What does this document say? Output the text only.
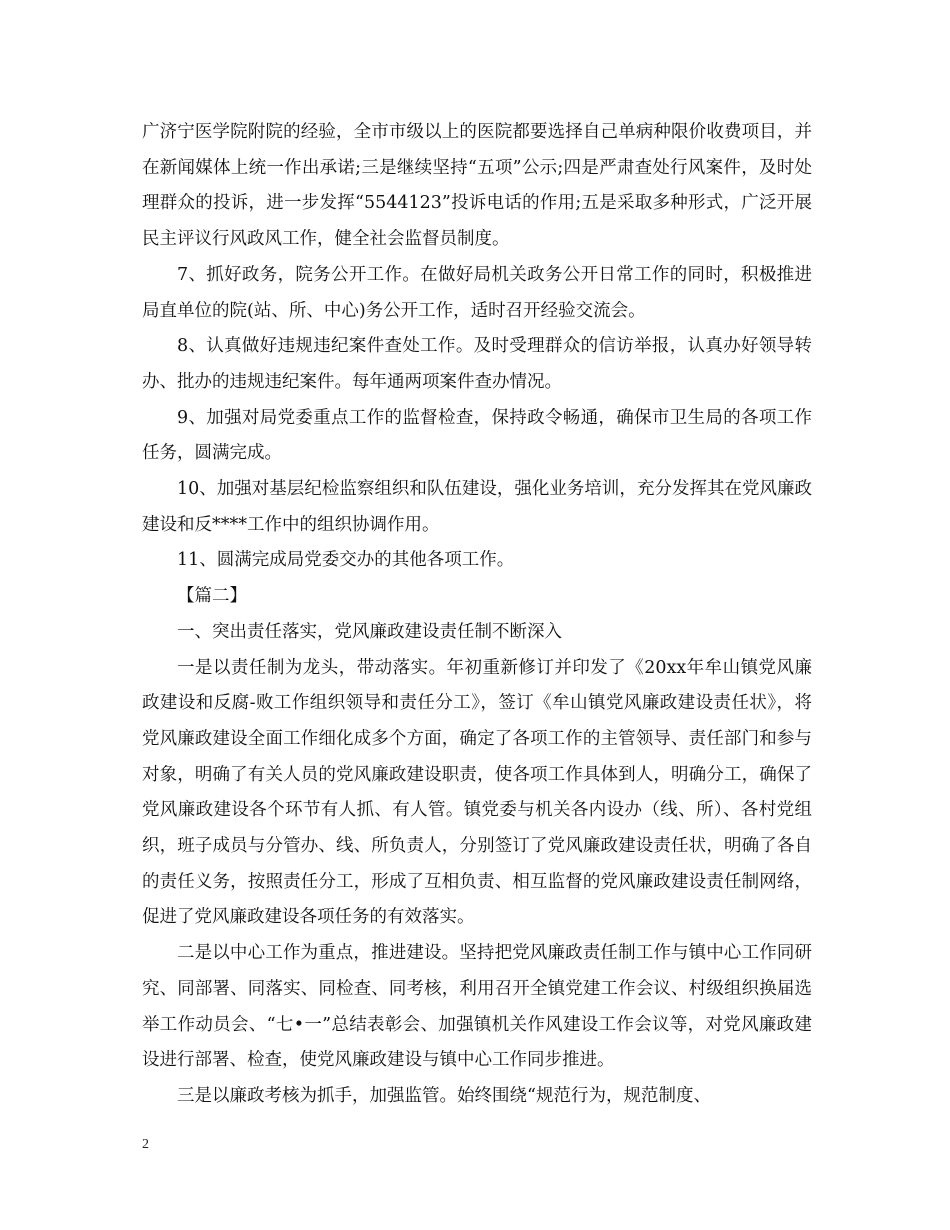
广济宁医学院附院的经验，全市市级以上的医院都要选择自己单病种限价收费项目，并在新闻媒体上统一作出承诺;三是继续坚持“五项”公示;四是严肃查处行风案件，及时处理群众的投诉，进一步发挥“5544123”投诉电话的作用;五是采取多种形式，广泛开展民主评议行风政风工作，健全社会监督员制度。

7、抓好政务，院务公开工作。在做好局机关政务公开日常工作的同时，积极推进局直单位的院(站、所、中心)务公开工作，适时召开经验交流会。

8、认真做好违规违纪案件查处工作。及时受理群众的信访举报，认真办好领导转办、批办的违规违纪案件。每年通两项案件查办情况。

9、加强对局党委重点工作的监督检查，保持政令畅通，确保市卫生局的各项工作任务，圆满完成。

10、加强对基层纪检监察组织和队伍建设，强化业务培训，充分发挥其在党风廉政建设和反****工作中的组织协调作用。

11、圆满完成局党委交办的其他各项工作。

【篇二】

一、突出责任落实，党风廉政建设责任制不断深入

一是以责任制为龙头，带动落实。年初重新修订并印发了《20xx年牟山镇党风廉政建设和反腐-败工作组织领导和责任分工》，签订《牟山镇党风廉政建设责任状》，将党风廉政建设全面工作细化成多个方面，确定了各项工作的主管领导、责任部门和参与对象，明确了有关人员的党风廉政建设职责，使各项工作具体到人，明确分工，确保了党风廉政建设各个环节有人抓、有人管。镇党委与机关各内设办（线、所）、各村党组织，班子成员与分管办、线、所负责人，分别签订了党风廉政建设责任状，明确了各自的责任义务，按照责任分工，形成了互相负责、相互监督的党风廉政建设责任制网络，促进了党风廉政建设各项任务的有效落实。

二是以中心工作为重点，推进建设。坚持把党风廉政责任制工作与镇中心工作同研究、同部署、同落实、同检查、同考核，利用召开全镇党建工作会议、村级组织换届选举工作动员会、“七•一”总结表彰会、加强镇机关作风建设工作会议等，对党风廉政建设进行部署、检查，使党风廉政建设与镇中心工作同步推进。

三是以廉政考核为抓手，加强监管。始终围绕“规范行为，规范制度、

2
